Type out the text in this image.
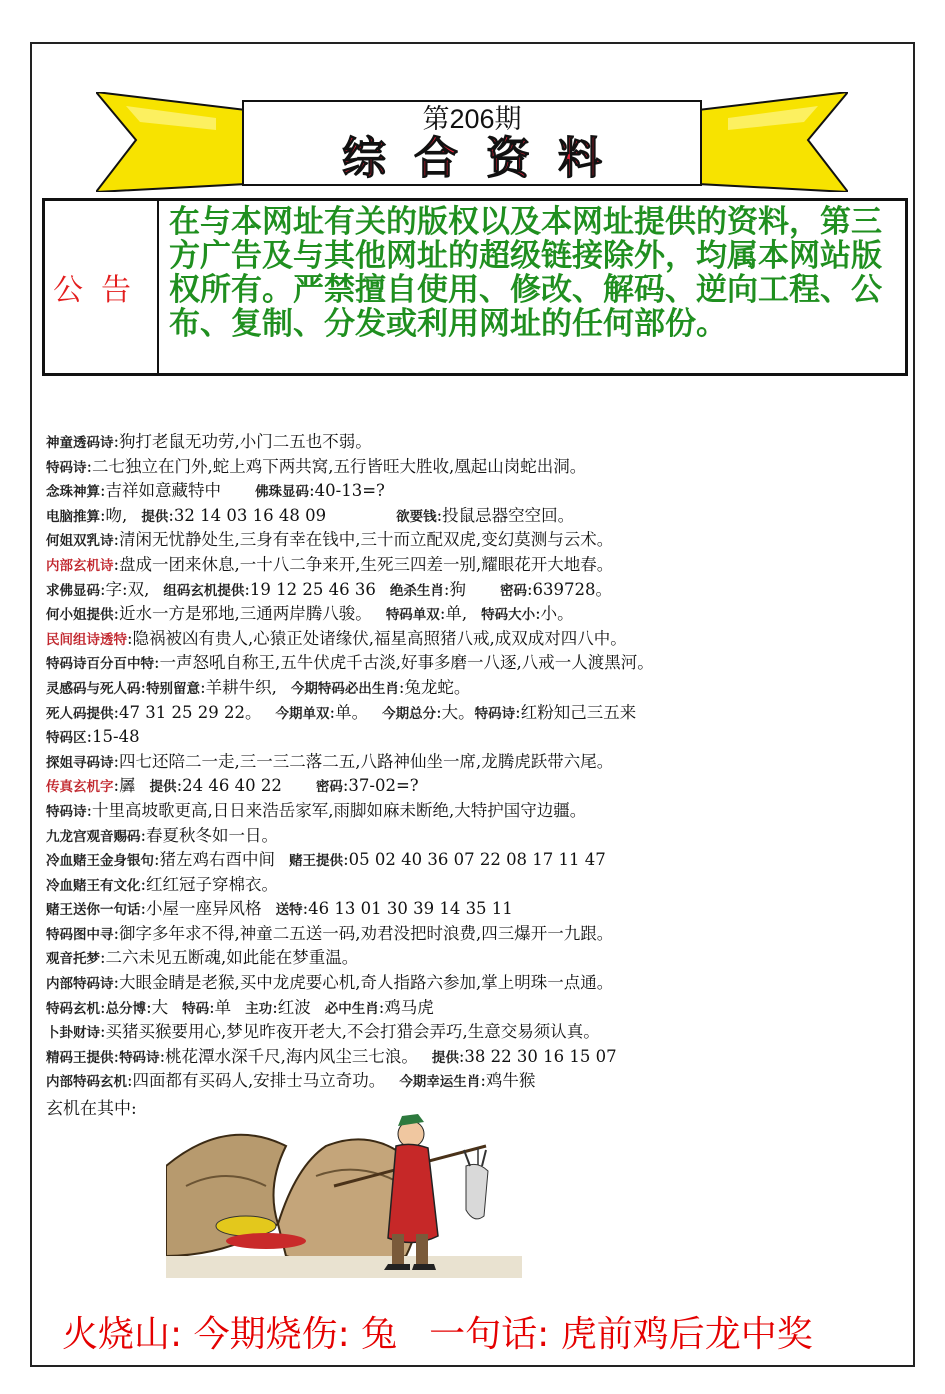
第206期
综合资料
公告
在与本网址有关的版权以及本网址提供的资料，第三方广告及与其他网址的超级链接除外，均属本网站版权所有。严禁擅自使用、修改、解码、逆向工程、公布、复制、分发或利用网址的任何部份。
神童透码诗:狗打老鼠无功劳,小门二五也不弱。
特码诗:二七独立在门外,蛇上鸡下两共窝,五行皆旺大胜收,凰起山岗蛇出洞。
念珠神算:吉祥如意藏特中	佛珠显码:40-13=?
电脑推算:吻, 提供:32 14 03 16 48 09	欲要钱:投鼠忌器空空回。
何姐双乳诗:清闲无忧静处生,三身有幸在钱中,三十而立配双虎,变幻莫测与云术。
内部玄机诗:盘成一团来休息,一十八二争来开,生死三四差一别,耀眼花开大地春。
求佛显码:字:双, 组码玄机提供:19 12 25 46 36 绝杀生肖:狗	密码:639728。
何小姐提供:近水一方是邪地,三通两岸腾八骏。 特码单双:单, 特码大小:小。
民间组诗透特:隐祸被凶有贵人,心猿正处诸缘伏,福星高照猪八戒,成双成对四八中。
特码诗百分百中特:一声怒吼自称王,五牛伏虎千古淡,好事多磨一八逐,八戒一人渡黑河。
灵感码与死人码:特别留意:羊耕牛织, 今期特码必出生肖:兔龙蛇。
死人码提供:47 31 25 29 22。 今期单双:单。 今期总分:大。特码诗:红粉知己三五来
特码区:15-48
探姐寻码诗:四七还陪二一走,三一三二落二五,八路神仙坐一席,龙腾虎跃带六尾。
传真玄机字:羼 提供:24 46 40 22	密码:37-02=?
特码诗:十里高坡歌更高,日日来浩岳家军,雨脚如麻未断绝,大特护国守边疆。
九龙宫观音赐码:春夏秋冬如一日。
冷血赌王金身银句:猪左鸡右酉中间 赌王提供:05 02 40 36 07 22 08 17 11 47
冷血赌王有文化:红红冠子穿棉衣。
赌王送你一句话:小屋一座异风格 送特:46 13 01 30 39 14 35 11
特码图中寻:御字多年求不得,神童二五送一码,劝君没把时浪费,四三爆开一九跟。
观音托梦:二六未见五断魂,如此能在梦重温。
内部特码诗:大眼金睛是老猴,买中龙虎要心机,奇人指路六参加,掌上明珠一点通。
特码玄机:总分博:大 特码:单 主功:红波 必中生肖:鸡马虎
卜卦财诗:买猪买猴要用心,梦见昨夜开老大,不会打猎会弄巧,生意交易须认真。
精码王提供:特码诗:桃花潭水深千尺,海内风尘三七浪。 提供:38 22 30 16 15 07
内部特码玄机:四面都有买码人,安排士马立奇功。 今期幸运生肖:鸡牛猴
玄机在其中:
火烧山: 今期烧伤: 兔 一句话: 虎前鸡后龙中奖
